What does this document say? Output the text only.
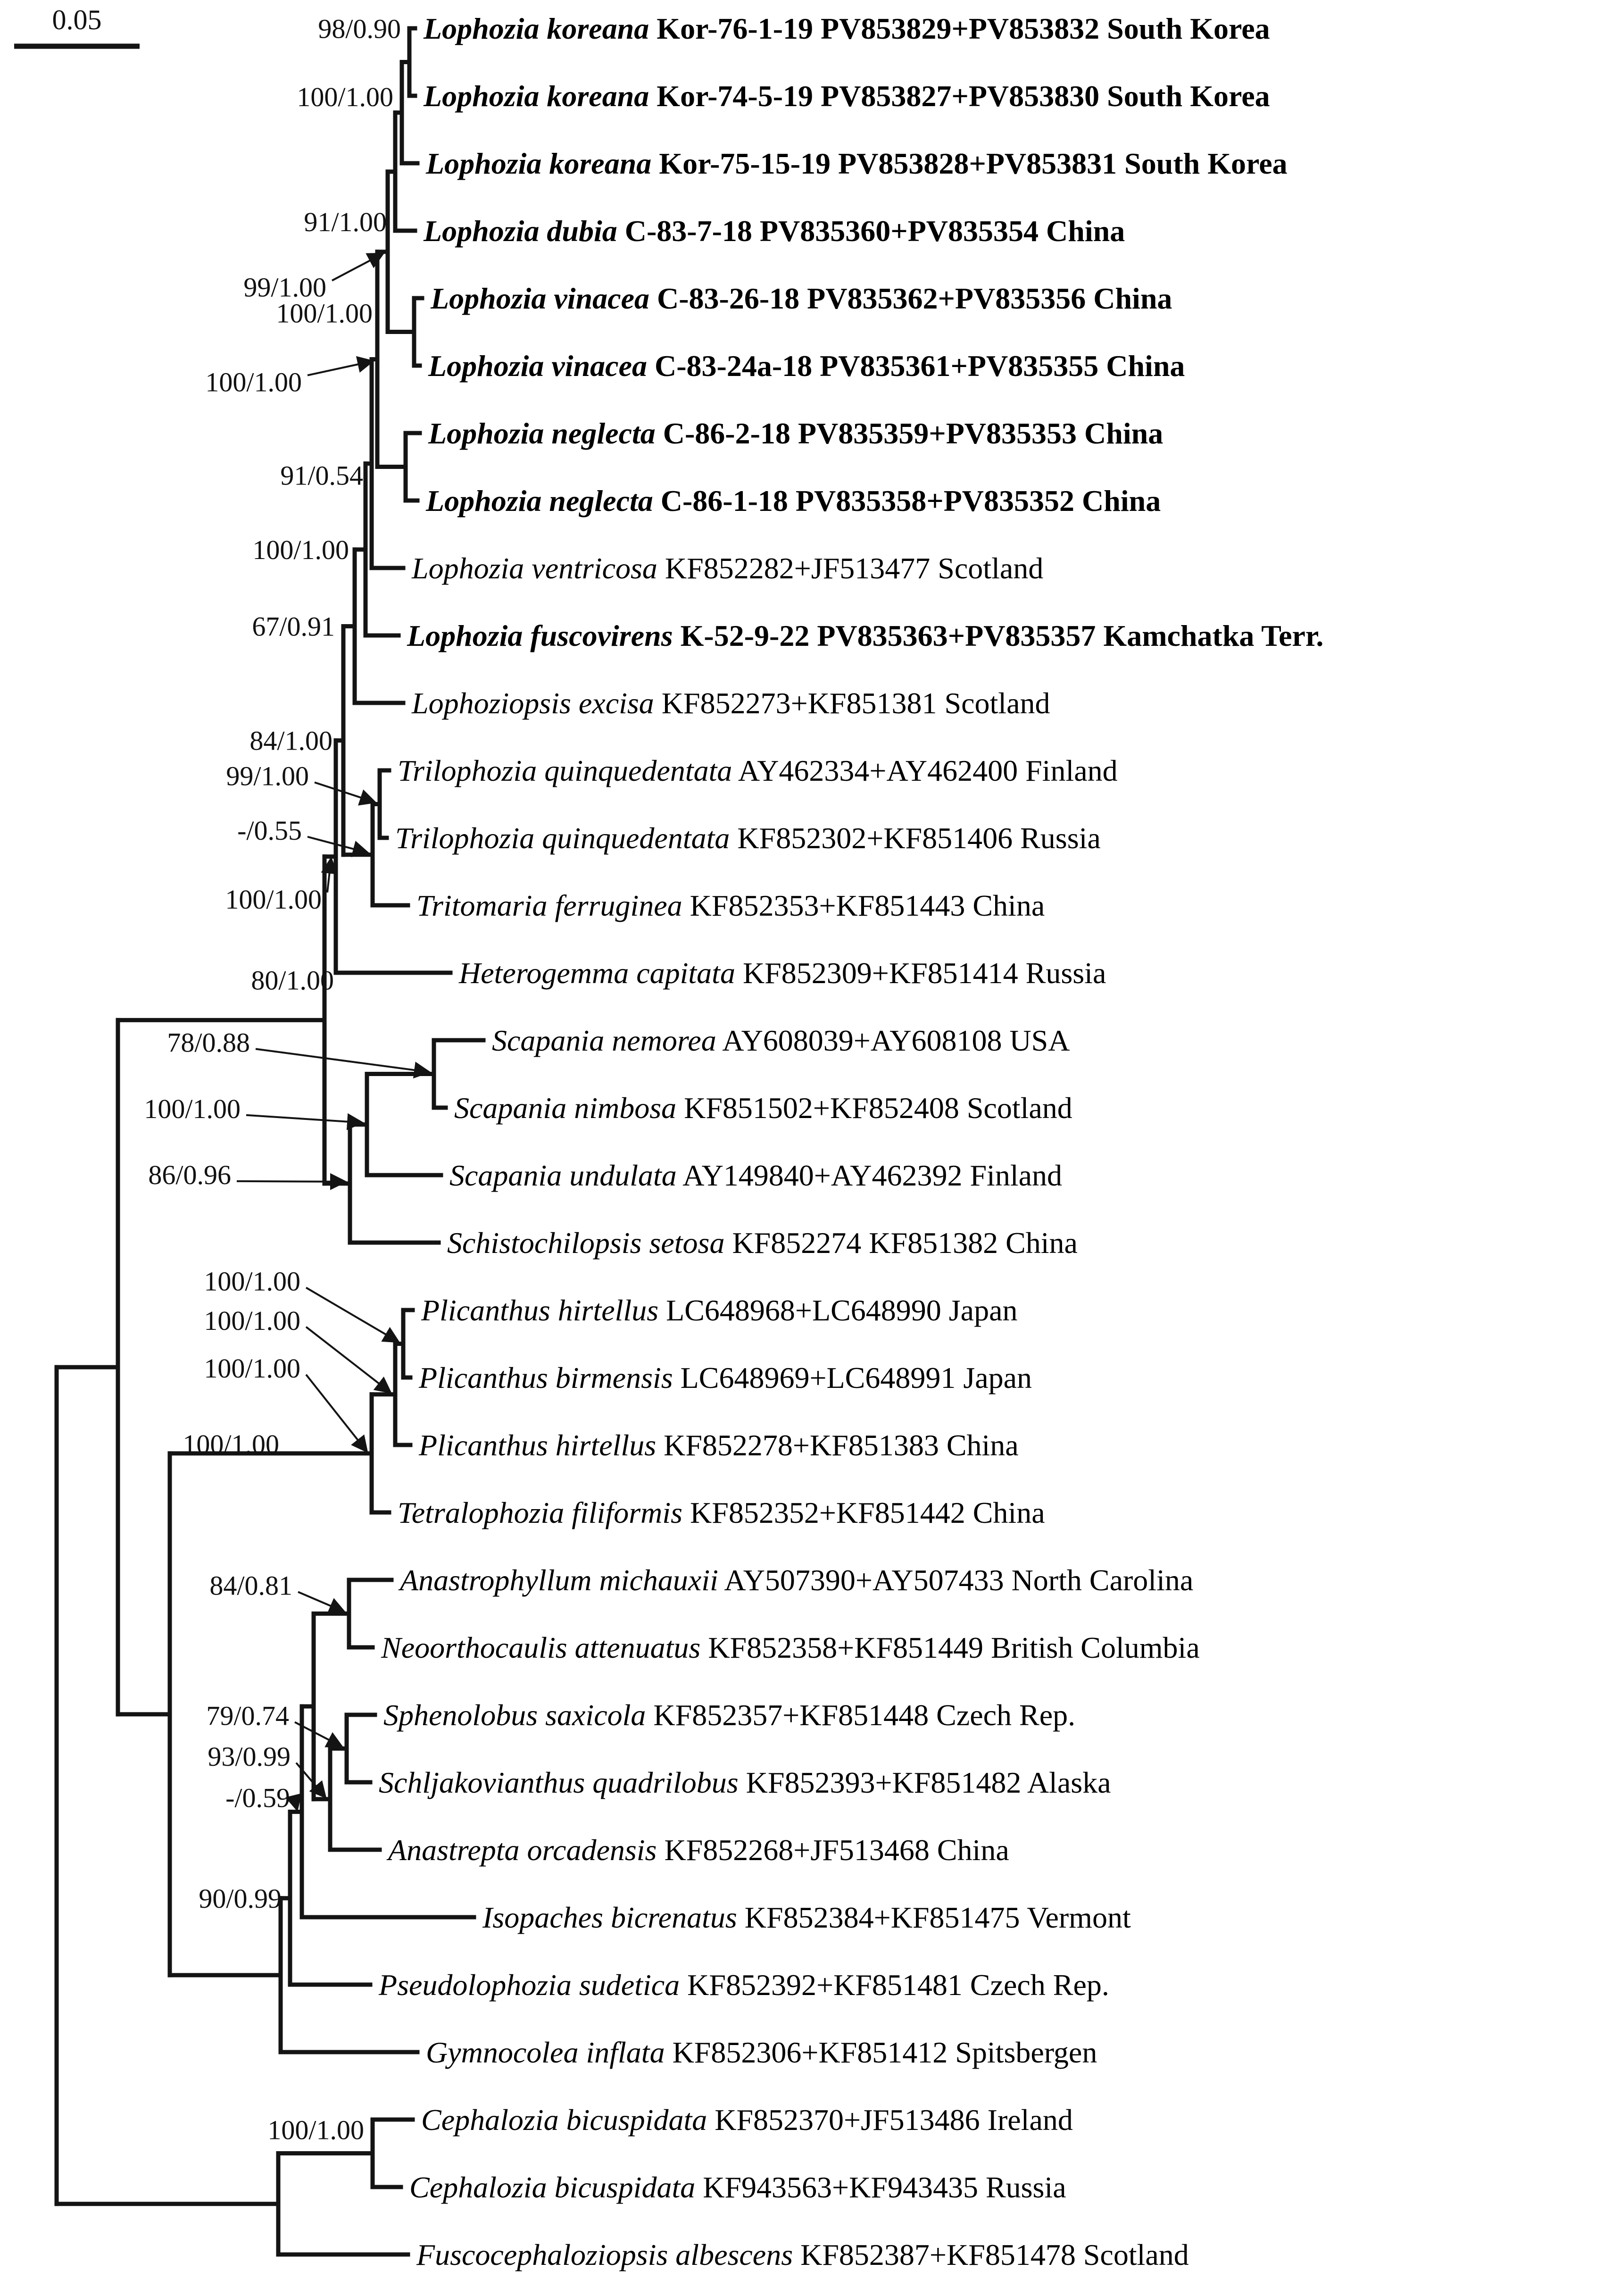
0.05	Lophozia koreana Kor-76-1-19 PV853829+PV853832 South Korea
Lophozia koreana Kor-74-5-19 PV853827+PV853830 South Korea
98/0.90
Lophozia koreana Kor-75-15-19 PV853828+PV853831 South Korea
100/1.00
Lophozia dubia C-83-7-18 PV835360+PV835354 China
91/1.00
Lophozia vinacea C-83-26-18 PV835362+PV835356 China
Lophozia vinacea C-83-24a-18 PV835361+PV835355 China
100/1.00
99/1.00
Lophozia neglecta C-86-2-18 PV835359+PV835353 China
Lophozia neglecta C-86-1-18 PV835358+PV835352 China
91/0.54
100/1.00
Lophozia ventricosa KF852282+JF513477 Scotland
Lophozia fuscovirens K-52-9-22 PV835363+PV835357 Kamchatka Terr.
100/1.00
Lophoziopsis excisa KF852273+KF851381 Scotland
67/0.91
Trilophozia quinquedentata AY462334+AY462400 Finland
Trilophozia quinquedentata KF852302+KF851406 Russia
99/1.00
Tritomaria ferruginea KF852353+KF851443 China
-/0.55
84/1.00
Heterogemma capitata KF852309+KF851414 Russia
100/1.00
Scapania nemorea AY608039+AY608108 USA
Scapania nimbosa KF851502+KF852408 Scotland
78/0.88
Scapania undulata AY149840+AY462392 Finland
100/1.00
Schistochilopsis setosa KF852274 KF851382 China
86/0.96
80/1.00
Plicanthus hirtellus LC648968+LC648990 Japan
Plicanthus birmensis LC648969+LC648991 Japan
100/1.00
Plicanthus hirtellus KF852278+KF851383 China
100/1.00
Tetralophozia filiformis KF852352+KF851442 China
100/1.00
Anastrophyllum michauxii AY507390+AY507433 North Carolina
Neoorthocaulis attenuatus KF852358+KF851449 British Columbia
84/0.81
Sphenolobus saxicola KF852357+KF851448 Czech Rep.
Schljakovianthus quadrilobus KF852393+KF851482 Alaska
79/0.74
Anastrepta orcadensis KF852268+JF513468 China
93/0.99
Isopaches bicrenatus KF852384+KF851475 Vermont
-/0.59
Pseudolophozia sudetica KF852392+KF851481 Czech Rep.
90/0.99
Gymnocolea inflata KF852306+KF851412 Spitsbergen
100/1.00
Cephalozia bicuspidata KF852370+JF513486 Ireland
Cephalozia bicuspidata KF943563+KF943435 Russia
100/1.00
Fuscocephaloziopsis albescens KF852387+KF851478 Scotland
